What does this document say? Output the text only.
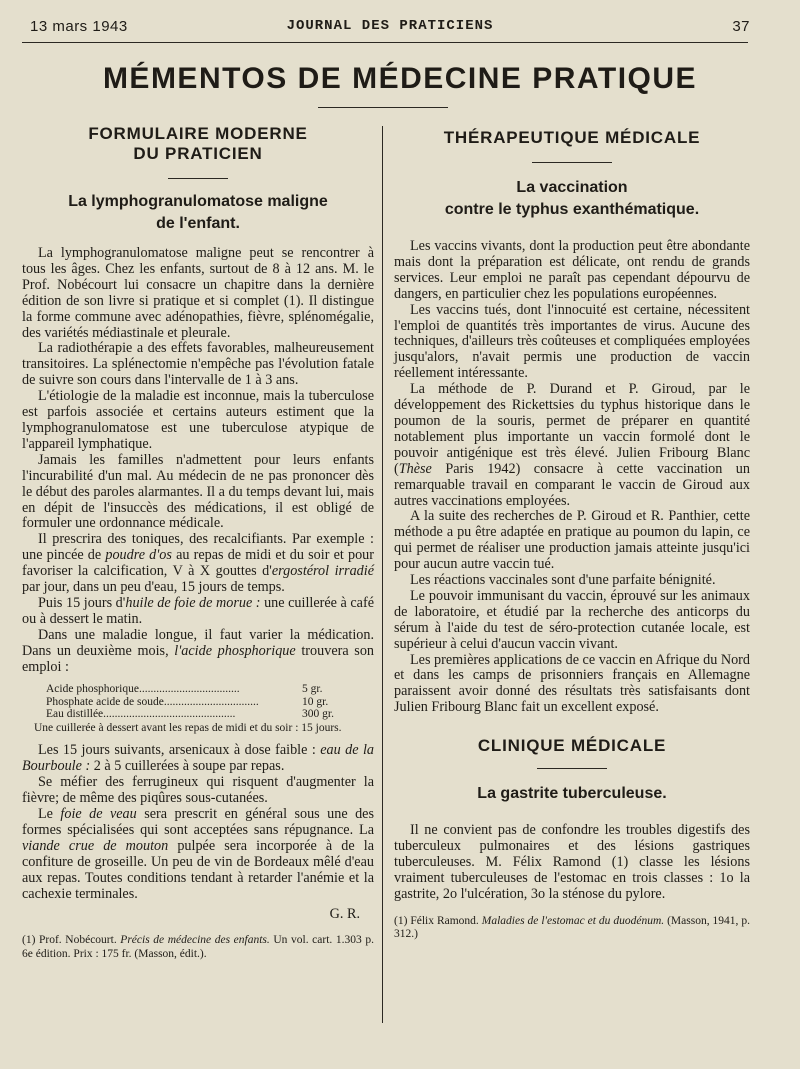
13 mars 1943	JOURNAL DES PRATICIENS	37
MÉMENTOS DE MÉDECINE PRATIQUE
FORMULAIRE MODERNE
DU PRATICIEN
La lymphogranulomatose maligne
de l'enfant.

La lymphogranulomatose maligne peut se rencontrer à tous les âges. Chez les enfants, surtout de 8 à 12 ans. M. le Prof. Nobécourt lui consacre un chapitre dans la dernière édition de son livre si pratique et si complet (1). Il distingue la forme commune avec adénopathies, fièvre, splénomégalie, des variétés médiastinale et pleurale.

La radiothérapie a des effets favorables, malheureusement transitoires. La splénectomie n'empêche pas l'évolution fatale de suivre son cours dans l'intervalle de 1 à 3 ans.

L'étiologie de la maladie est inconnue, mais la tuberculose est parfois associée et certains auteurs estiment que la lymphogranulomatose est une tuberculose atypique de l'appareil lymphatique.

Jamais les familles n'admettent pour leurs enfants l'incurabilité d'un mal. Au médecin de ne pas prononcer dès le début des paroles alarmantes. Il a du temps devant lui, mais en dépit de l'insuccès des médications, il est obligé de formuler une ordonnance médicale.

Il prescrira des toniques, des recalcifiants. Par exemple : une pincée de poudre d'os au repas de midi et du soir et pour favoriser la calcification, V à X gouttes d'ergostérol irradié par jour, dans un peu d'eau, 15 jours de temps.

Puis 15 jours d'huile de foie de morue : une cuillerée à café ou à dessert le matin.

Dans une maladie longue, il faut varier la médication. Dans un deuxième mois, l'acide phosphorique trouvera son emploi :

Acide phosphorique ...................................	5 gr.
Phosphate acide de soude .................................	10 gr.
Eau distillée ..............................................	300 gr.

Une cuillerée à dessert avant les repas de midi et du soir : 15 jours.

Les 15 jours suivants, arsenicaux à dose faible : eau de la Bourboule : 2 à 5 cuillerées à soupe par repas.

Se méfier des ferrugineux qui risquent d'augmenter la fièvre; de même des piqûres sous-cutanées.

Le foie de veau sera prescrit en général sous une des formes spécialisées qui sont acceptées sans répugnance. La viande crue de mouton pulpée sera incorporée à de la confiture de groseille. Un peu de vin de Bordeaux mêlé d'eau aux repas. Toutes conditions tendant à retarder l'anémie et la cachexie terminales.

G. R.

(1) Prof. Nobécourt. Précis de médecine des enfants. Un vol. cart. 1.303 p. 6e édition. Prix : 175 fr. (Masson, édit.).

THÉRAPEUTIQUE MÉDICALE
La vaccination
contre le typhus exanthématique.

Les vaccins vivants, dont la production peut être abondante mais dont la préparation est délicate, ont rendu de grands services. Leur emploi ne paraît pas cependant dépourvu de dangers, en particulier chez les populations européennes.

Les vaccins tués, dont l'innocuité est certaine, nécessitent l'emploi de quantités très importantes de virus. Aucune des techniques, d'ailleurs très coûteuses et compliquées employées jusqu'alors, n'avait permis une production de vaccin réellement intéressante.

La méthode de P. Durand et P. Giroud, par le développement des Rickettsies du typhus historique dans le poumon de la souris, permet de préparer en quantité notablement plus importante un vaccin formolé dont le pouvoir antigénique est très élevé. Julien Fribourg Blanc (Thèse Paris 1942) consacre à cette vaccination un remarquable travail en comparant le vaccin de Giroud aux autres vaccinations employées.

A la suite des recherches de P. Giroud et R. Panthier, cette méthode a pu être adaptée en pratique au poumon du lapin, ce qui permet de réaliser une production jamais atteinte jusqu'ici pour aucun autre vaccin tué.

Les réactions vaccinales sont d'une parfaite bénignité.

Le pouvoir immunisant du vaccin, éprouvé sur les animaux de laboratoire, et étudié par la recherche des anticorps du sérum à l'aide du test de séro-protection cutanée locale, est supérieur à celui d'aucun vaccin vivant.

Les premières applications de ce vaccin en Afrique du Nord et dans les camps de prisonniers français en Allemagne paraissent avoir donné des résultats très satisfaisants dont Julien Fribourg Blanc fait un excellent exposé.

CLINIQUE MÉDICALE
La gastrite tuberculeuse.

Il ne convient pas de confondre les troubles digestifs des tuberculeux pulmonaires et des lésions gastriques tuberculeuses. M. Félix Ramond (1) classe les lésions vraiment tuberculeuses de l'estomac en trois classes : 1o la gastrite, 2o l'ulcération, 3o la sténose du pylore.

(1) Félix Ramond. Maladies de l'estomac et du duodénum. (Masson, 1941, p. 312.)
